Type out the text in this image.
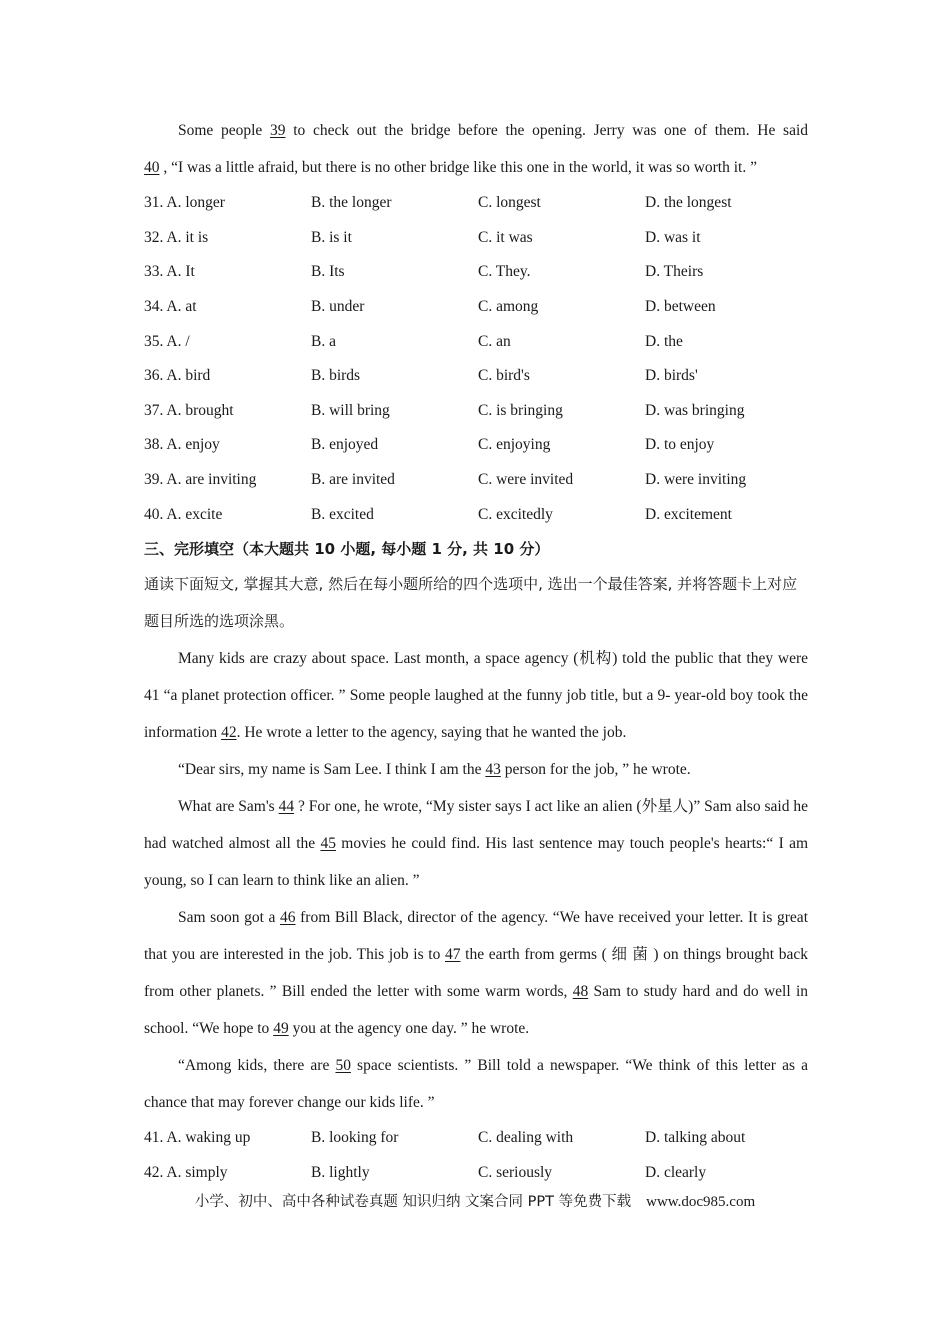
Some people 39 to check out the bridge before the opening. Jerry was one of them. He said

40 , “I was a little afraid, but there is no other bridge like this one in the world, it was so worth it. ”

31. A. longer	B. the longer	C. longest	D. the longest
32. A. it is	B. is it	C. it was	D. was it
33. A. It	B. Its	C. They.	D. Theirs
34. A. at	B. under	C. among	D. between
35. A. /	B. a	C. an	D. the
36. A. bird	B. birds	C. bird's	D. birds'
37. A. brought	B. will bring	C. is bringing	D. was bringing
38. A. enjoy	B. enjoyed	C. enjoying	D. to enjoy
39. A. are inviting	B. are invited	C. were invited	D. were inviting
40. A. excite	B. excited	C. excitedly	D. excitement

三、完形填空（本大题共 10 小题, 每小题 1 分, 共 10 分）

通读下面短文, 掌握其大意, 然后在每小题所给的四个选项中, 选出一个最佳答案, 并将答题卡上对应题目所选的选项涂黑。

Many kids are crazy about space. Last month, a space agency (机构) told the public that they were 41 “a planet protection officer. ” Some people laughed at the funny job title, but a 9- year-old boy took the information 42. He wrote a letter to the agency, saying that he wanted the job.

“Dear sirs, my name is Sam Lee. I think I am the 43 person for the job, ” he wrote.

What are Sam's 44 ? For one, he wrote, “My sister says I act like an alien (外星人)” Sam also said he had watched almost all the 45 movies he could find. His last sentence may touch people's hearts:“ I am young, so I can learn to think like an alien. ”

Sam soon got a 46 from Bill Black, director of the agency. “We have received your letter. It is great that you are interested in the job. This job is to 47 the earth from germs ( 细 菌 ) on things brought back from other planets. ” Bill ended the letter with some warm words, 48 Sam to study hard and do well in school. “We hope to 49 you at the agency one day. ” he wrote.

“Among kids, there are 50 space scientists. ” Bill told a newspaper. “We think of this letter as a chance that may forever change our kids life. ”

41. A. waking up	B. looking for	C. dealing with	D. talking about
42. A. simply	B. lightly	C. seriously	D. clearly
小学、初中、高中各种试卷真题 知识归纳 文案合同 PPT 等免费下载 www.doc985.com
